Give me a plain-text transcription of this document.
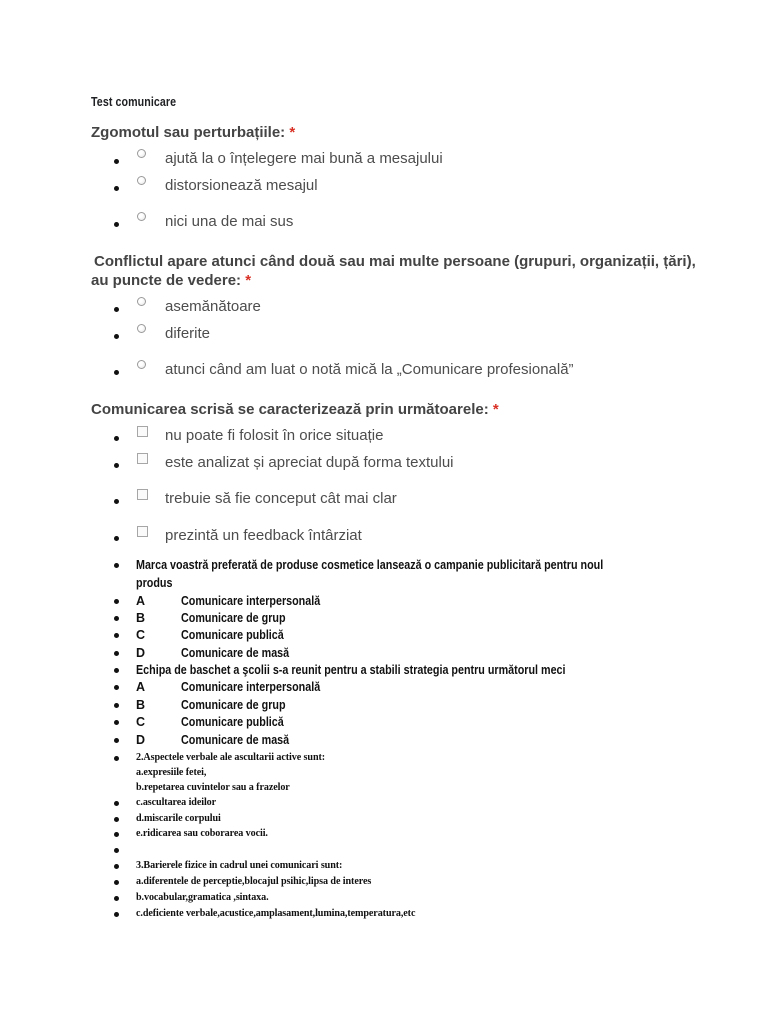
Test comunicare
Zgomotul sau perturbațiile: *
ajută la o înțelegere mai bună a mesajului
distorsionează mesajul
nici una de mai sus
Conflictul apare atunci când două sau mai multe persoane (grupuri, organizații, țări),
au puncte de vedere: *
asemănătoare
diferite
atunci când am luat o notă mică la „Comunicare profesională”
Comunicarea scrisă se caracterizează prin următoarele: *
nu poate fi folosit în orice situație
este analizat și apreciat după forma textului
trebuie să fie conceput cât mai clar
prezintă un feedback întârziat
Marca voastră preferată de produse cosmetice lansează o campanie publicitară pentru noul
produs
A	Comunicare interpersonală
B	Comunicare de grup
C	Comunicare publică
D	Comunicare de masă
Echipa de baschet a şcolii s-a reunit pentru a stabili strategia pentru următorul meci
A	Comunicare interpersonală
B	Comunicare de grup
C	Comunicare publică
D	Comunicare de masă
2.Aspectele verbale ale ascultarii active sunt:
a.expresiile fetei,
b.repetarea cuvintelor sau a frazelor
c.ascultarea ideilor
d.miscarile corpului
e.ridicarea sau coborarea vocii.
3.Barierele fizice in cadrul unei comunicari sunt:
a.diferentele de perceptie,blocajul psihic,lipsa de interes
b.vocabular,gramatica ,sintaxa.
c.deficiente verbale,acustice,amplasament,lumina,temperatura,etc
